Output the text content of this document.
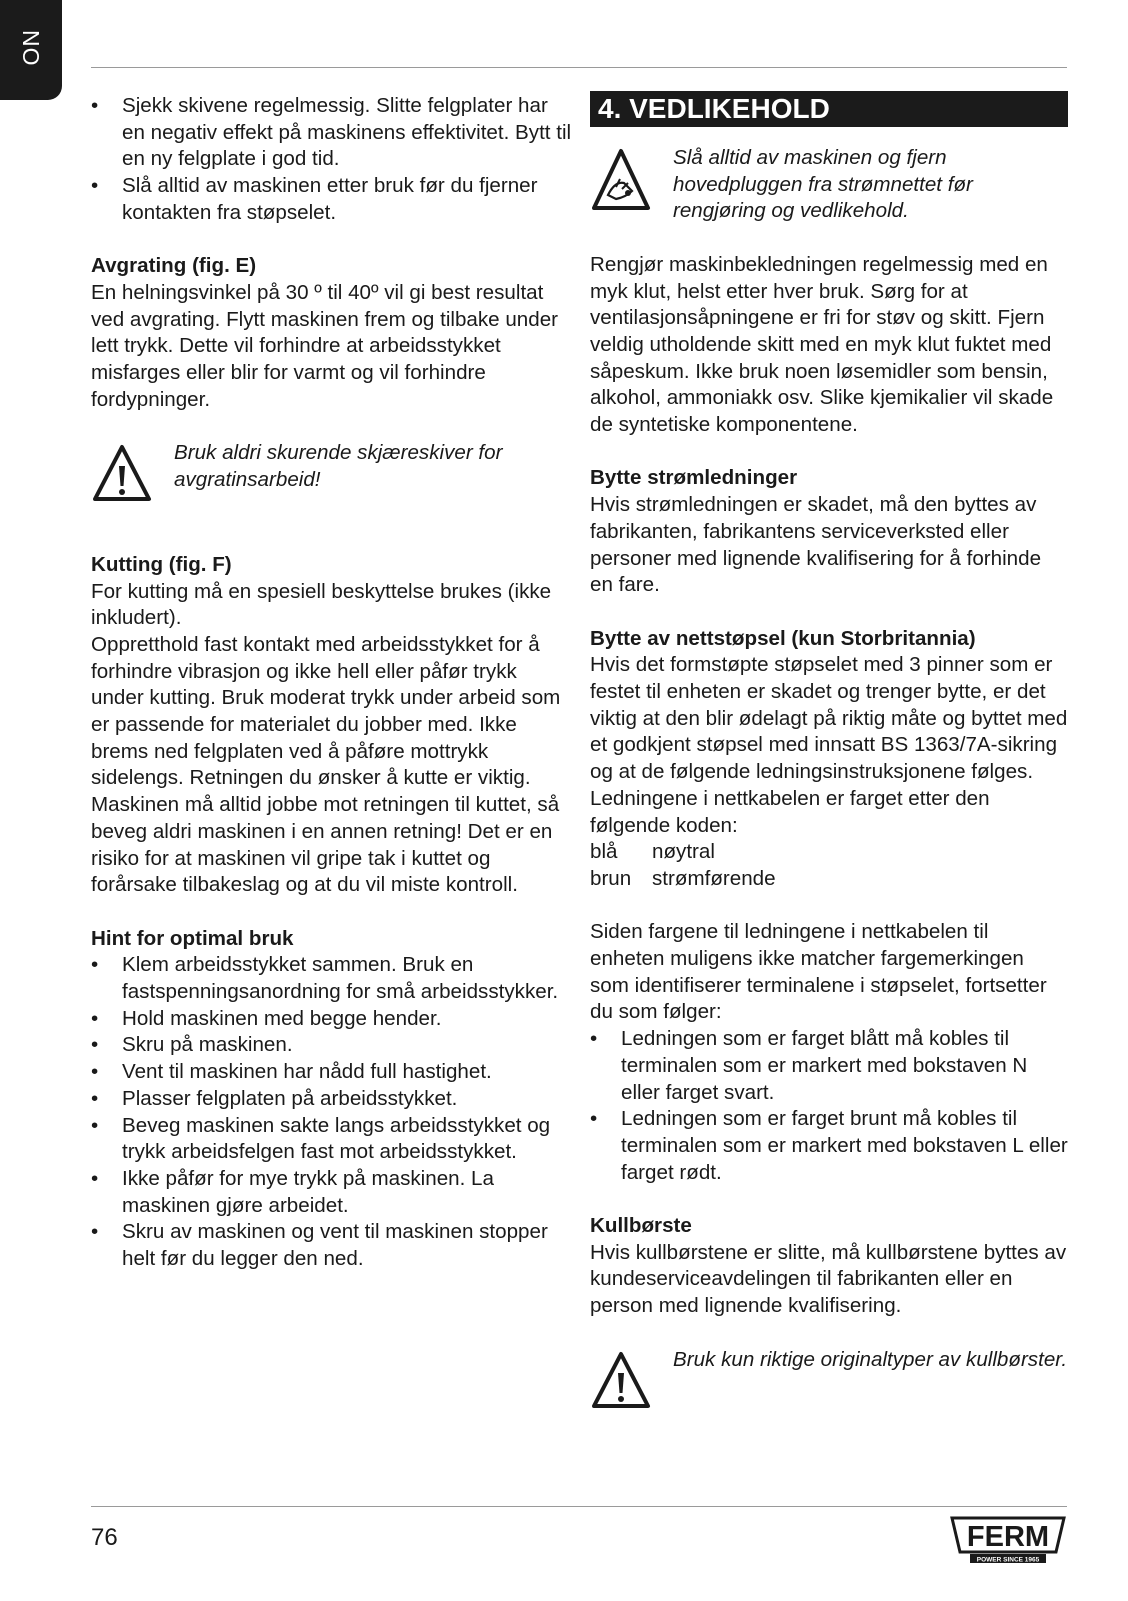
NO
• Sjekk skivene regelmessig. Slitte felgplater har en negativ effekt på maskinens effektivitet. Bytt til en ny felgplate i god tid.
• Slå alltid av maskinen etter bruk før du fjerner kontakten fra støpselet.

Avgrating (fig. E)

En helningsvinkel på 30 º til 40º vil gi best resultat ved avgrating. Flytt maskinen frem og tilbake under lett trykk. Dette vil forhindre at arbeidsstykket misfarges eller blir for varmt og vil forhindre fordypninger.

Bruk aldri skurende skjæreskiver for avgratinsarbeid!

Kutting (fig. F)

For kutting må en spesiell beskyttelse brukes (ikke inkludert).

Oppretthold fast kontakt med arbeidsstykket for å forhindre vibrasjon og ikke hell eller påfør trykk under kutting. Bruk moderat trykk under arbeid som er passende for materialet du jobber med. Ikke brems ned felgplaten ved å påføre mottrykk sidelengs. Retningen du ønsker å kutte er viktig. Maskinen må alltid jobbe mot retningen til kuttet, så beveg aldri maskinen i en annen retning! Det er en risiko for at maskinen vil gripe tak i kuttet og forårsake tilbakeslag og at du vil miste kontroll.

Hint for optimal bruk

• Klem arbeidsstykket sammen. Bruk en fastspenningsanordning for små arbeidsstykker.
• Hold maskinen med begge hender.
• Skru på maskinen.
• Vent til maskinen har nådd full hastighet.
• Plasser felgplaten på arbeidsstykket.
• Beveg maskinen sakte langs arbeidsstykket og trykk arbeidsfelgen fast mot arbeidsstykket.
• Ikke påfør for mye trykk på maskinen. La maskinen gjøre arbeidet.
• Skru av maskinen og vent til maskinen stopper helt før du legger den ned.
4. VEDLIKEHOLD
Slå alltid av maskinen og fjern hovedpluggen fra strømnettet før rengjøring og vedlikehold.

Rengjør maskinbekledningen regelmessig med en myk klut, helst etter hver bruk. Sørg for at ventilasjonsåpningene er fri for støv og skitt. Fjern veldig utholdende skitt med en myk klut fuktet med såpeskum. Ikke bruk noen løsemidler som bensin, alkohol, ammoniakk osv. Slike kjemikalier vil skade de syntetiske komponentene.

Bytte strømledninger

Hvis strømledningen er skadet, må den byttes av fabrikanten, fabrikantens serviceverksted eller personer med lignende kvalifisering for å forhinde en fare.

Bytte av nettstøpsel (kun Storbritannia)

Hvis det formstøpte støpselet med 3 pinner som er festet til enheten er skadet og trenger bytte, er det viktig at den blir ødelagt på riktig måte og byttet med et godkjent støpsel med innsatt BS 1363/7A-sikring og at de følgende ledningsinstruksjonene følges. Ledningene i nettkabelen er farget etter den følgende koden:

blå	nøytral
brun	strømførende

Siden fargene til ledningene i nettkabelen til enheten muligens ikke matcher fargemerkingen som identifiserer terminalene i støpselet, fortsetter du som følger:

• Ledningen som er farget blått må kobles til terminalen som er markert med bokstaven N eller farget svart.
• Ledningen som er farget brunt må kobles til terminalen som er markert med bokstaven L eller farget rødt.

Kullbørste

Hvis kullbørstene er slitte, må kullbørstene byttes av kundeserviceavdelingen til fabrikanten eller en person med lignende kvalifisering.

Bruk kun riktige originaltyper av kullbørster.
76	FERM
POWER SINCE 1965
